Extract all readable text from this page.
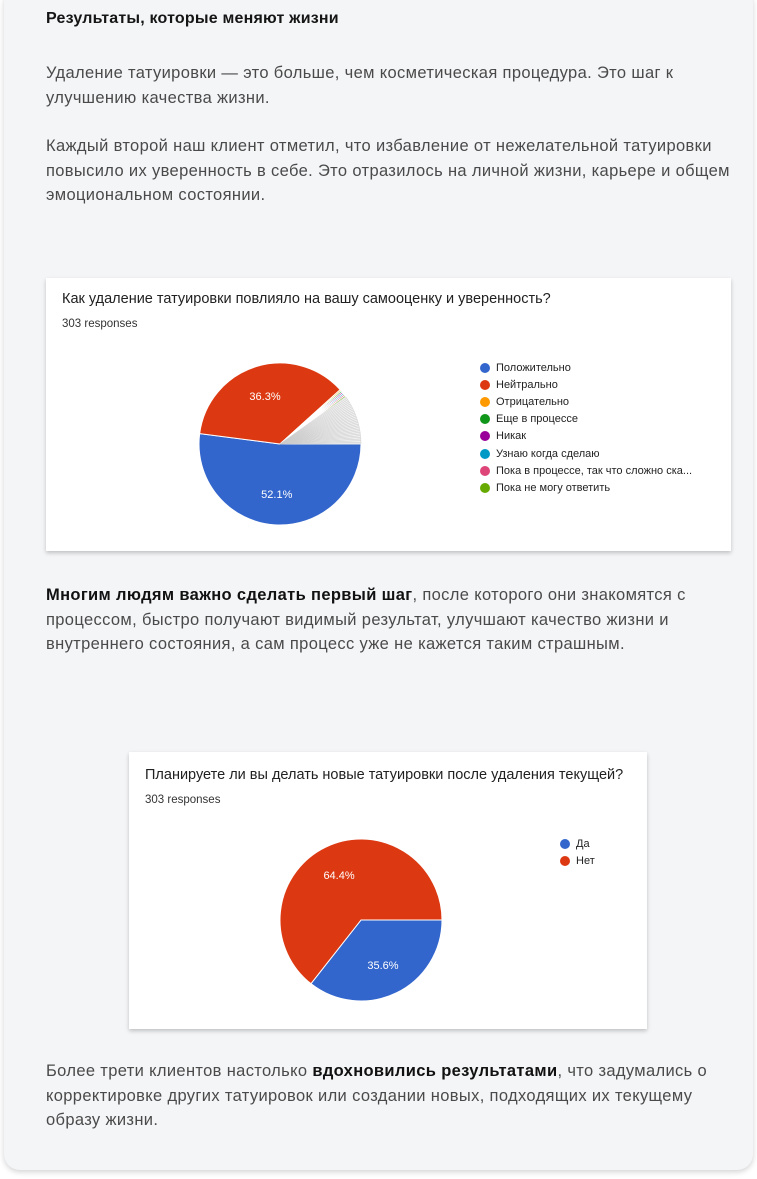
Результаты, которые меняют жизни

Удаление татуировки — это больше, чем косметическая процедура. Это шаг к улучшению качества жизни.

Каждый второй наш клиент отметил, что избавление от нежелательной татуировки повысило их уверенность в себе. Это отразилось на личной жизни, карьере и общем эмоциональном состоянии.

Как удаление татуировки повлияло на вашу самооценку и уверенность?

303 responses

52.1%
36.3%
Положительно
Нейтрально
Отрицательно
Еще в процессе
Никак
Узнаю когда сделаю
Пока в процессе, так что сложно ска...
Пока не могу ответить

Многим людям важно сделать первый шаг, после которого они знакомятся с процессом, быстро получают видимый результат, улучшают качество жизни и внутреннего состояния, а сам процесс уже не кажется таким страшным.

Планируете ли вы делать новые татуировки после удаления текущей?

303 responses

35.6%
64.4%
Да
Нет

Более трети клиентов настолько вдохновились результатами, что задумались о корректировке других татуировок или создании новых, подходящих их текущему образу жизни.
